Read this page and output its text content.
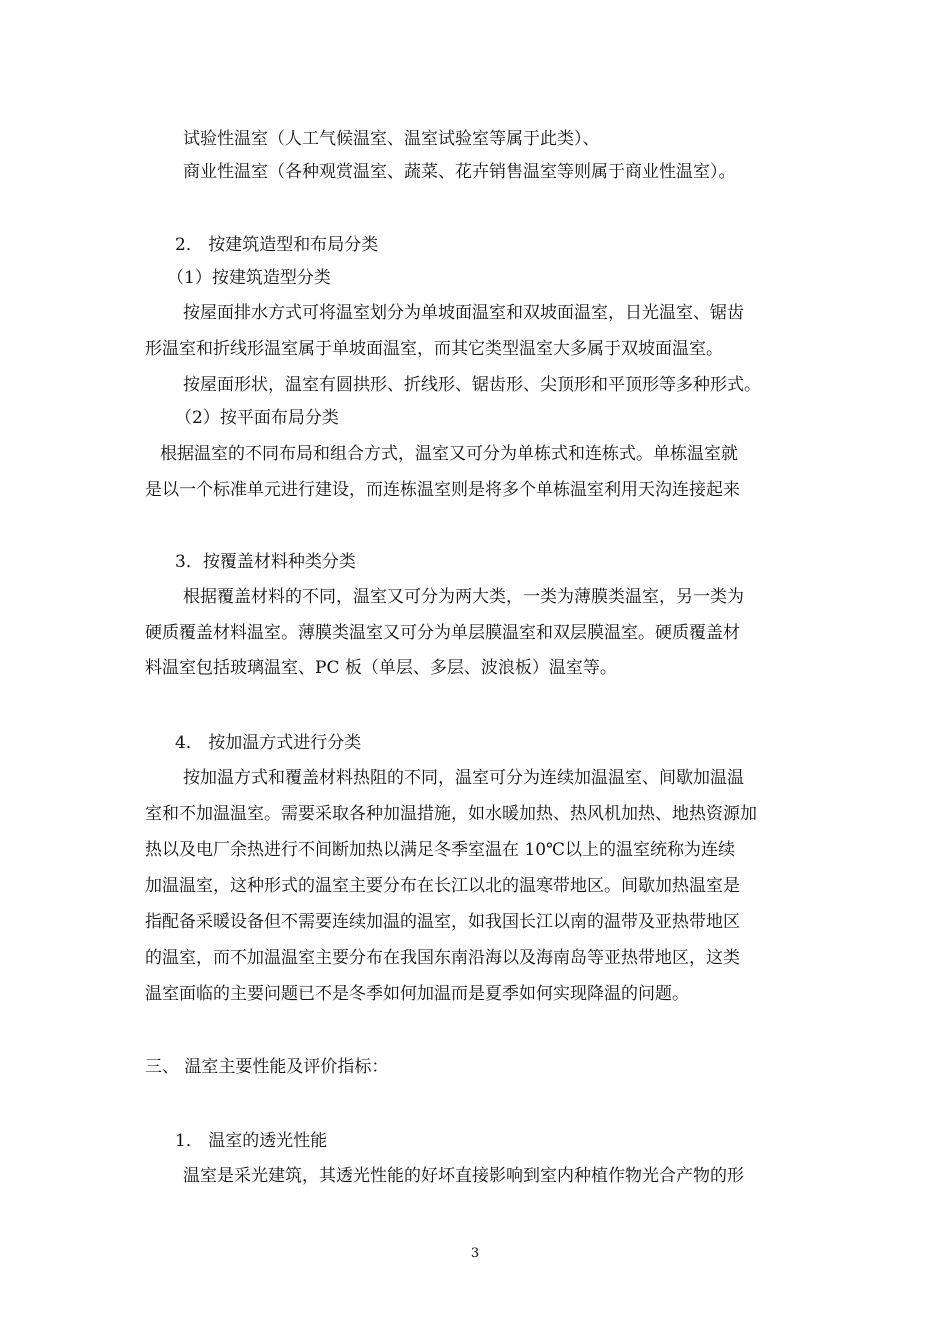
试验性温室（人工气候温室、温室试验室等属于此类）、
商业性温室（各种观赏温室、蔬菜、花卉销售温室等则属于商业性温室）。
2． 按建筑造型和布局分类
（1）按建筑造型分类
按屋面排水方式可将温室划分为单坡面温室和双坡面温室，日光温室、锯齿
形温室和折线形温室属于单坡面温室，而其它类型温室大多属于双坡面温室。
按屋面形状，温室有圆拱形、折线形、锯齿形、尖顶形和平顶形等多种形式。
（2）按平面布局分类
根据温室的不同布局和组合方式，温室又可分为单栋式和连栋式。单栋温室就
是以一个标准单元进行建设，而连栋温室则是将多个单栋温室利用天沟连接起来
3．按覆盖材料种类分类
根据覆盖材料的不同，温室又可分为两大类，一类为薄膜类温室，另一类为
硬质覆盖材料温室。薄膜类温室又可分为单层膜温室和双层膜温室。硬质覆盖材
料温室包括玻璃温室、PC 板（单层、多层、波浪板）温室等。
4． 按加温方式进行分类
按加温方式和覆盖材料热阻的不同，温室可分为连续加温温室、间歇加温温
室和不加温温室。需要采取各种加温措施，如水暖加热、热风机加热、地热资源加
热以及电厂余热进行不间断加热以满足冬季室温在 10℃以上的温室统称为连续
加温温室，这种形式的温室主要分布在长江以北的温寒带地区。间歇加热温室是
指配备采暖设备但不需要连续加温的温室，如我国长江以南的温带及亚热带地区
的温室，而不加温温室主要分布在我国东南沿海以及海南岛等亚热带地区，这类
温室面临的主要问题已不是冬季如何加温而是夏季如何实现降温的问题。
三、 温室主要性能及评价指标：
1． 温室的透光性能
温室是采光建筑，其透光性能的好坏直接影响到室内种植作物光合产物的形
3
